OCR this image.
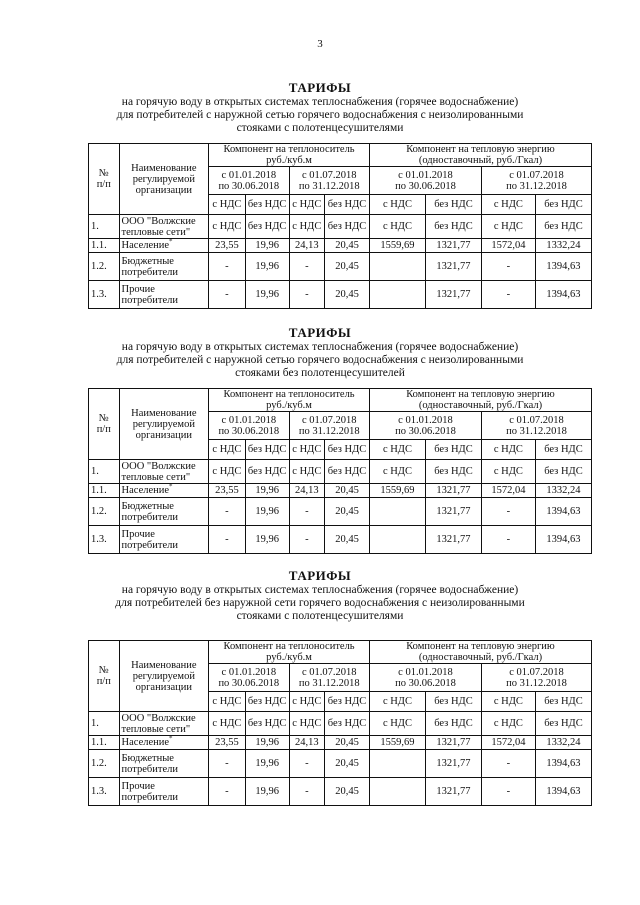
3

ТАРИФЫ

на горячую воду в открытых системах теплоснабжения (горячее водоснабжение)

для потребителей с наружной сетью горячего водоснабжения с неизолированными

стояками с полотенцесушителями

№
п/п	Наименование
регулируемой
организации	Компонент на теплоноситель
руб./куб.м				Компонент на тепловую энергию
(одноставочный, руб./Гкал)			
		с 01.01.2018
по 30.06.2018		с 01.07.2018
по 31.12.2018		с 01.01.2018
по 30.06.2018		с 01.07.2018
по 31.12.2018	
		с НДС	без НДС	с НДС	без НДС	с НДС	без НДС	с НДС	без НДС
1.	ООО "Волжские
тепловые сети"	с НДС	без НДС	с НДС	без НДС	с НДС	без НДС	с НДС	без НДС
1.1.	Население*	23,55	19,96	24,13	20,45	1559,69	1321,77	1572,04	1332,24
1.2.	Бюджетные
потребители	-	19,96	-	20,45		1321,77	-	1394,63
1.3.	Прочие
потребители	-	19,96	-	20,45		1321,77	-	1394,63

ТАРИФЫ

на горячую воду в открытых системах теплоснабжения (горячее водоснабжение)

для потребителей с наружной сетью горячего водоснабжения с неизолированными

стояками без полотенцесушителей

№
п/п	Наименование
регулируемой
организации	Компонент на теплоноситель
руб./куб.м				Компонент на тепловую энергию
(одноставочный, руб./Гкал)			
		с 01.01.2018
по 30.06.2018		с 01.07.2018
по 31.12.2018		с 01.01.2018
по 30.06.2018		с 01.07.2018
по 31.12.2018	
		с НДС	без НДС	с НДС	без НДС	с НДС	без НДС	с НДС	без НДС
1.	ООО "Волжские
тепловые сети"	с НДС	без НДС	с НДС	без НДС	с НДС	без НДС	с НДС	без НДС
1.1.	Население*	23,55	19,96	24,13	20,45	1559,69	1321,77	1572,04	1332,24
1.2.	Бюджетные
потребители	-	19,96	-	20,45		1321,77	-	1394,63
1.3.	Прочие
потребители	-	19,96	-	20,45		1321,77	-	1394,63

ТАРИФЫ

на горячую воду в открытых системах теплоснабжения (горячее водоснабжение)

для потребителей без наружной сети горячего водоснабжения с неизолированными

стояками с полотенцесушителями

№
п/п	Наименование
регулируемой
организации	Компонент на теплоноситель
руб./куб.м				Компонент на тепловую энергию
(одноставочный, руб./Гкал)			
		с 01.01.2018
по 30.06.2018		с 01.07.2018
по 31.12.2018		с 01.01.2018
по 30.06.2018		с 01.07.2018
по 31.12.2018	
		с НДС	без НДС	с НДС	без НДС	с НДС	без НДС	с НДС	без НДС
1.	ООО "Волжские
тепловые сети"	с НДС	без НДС	с НДС	без НДС	с НДС	без НДС	с НДС	без НДС
1.1.	Население*	23,55	19,96	24,13	20,45	1559,69	1321,77	1572,04	1332,24
1.2.	Бюджетные
потребители	-	19,96	-	20,45		1321,77	-	1394,63
1.3.	Прочие
потребители	-	19,96	-	20,45		1321,77	-	1394,63
